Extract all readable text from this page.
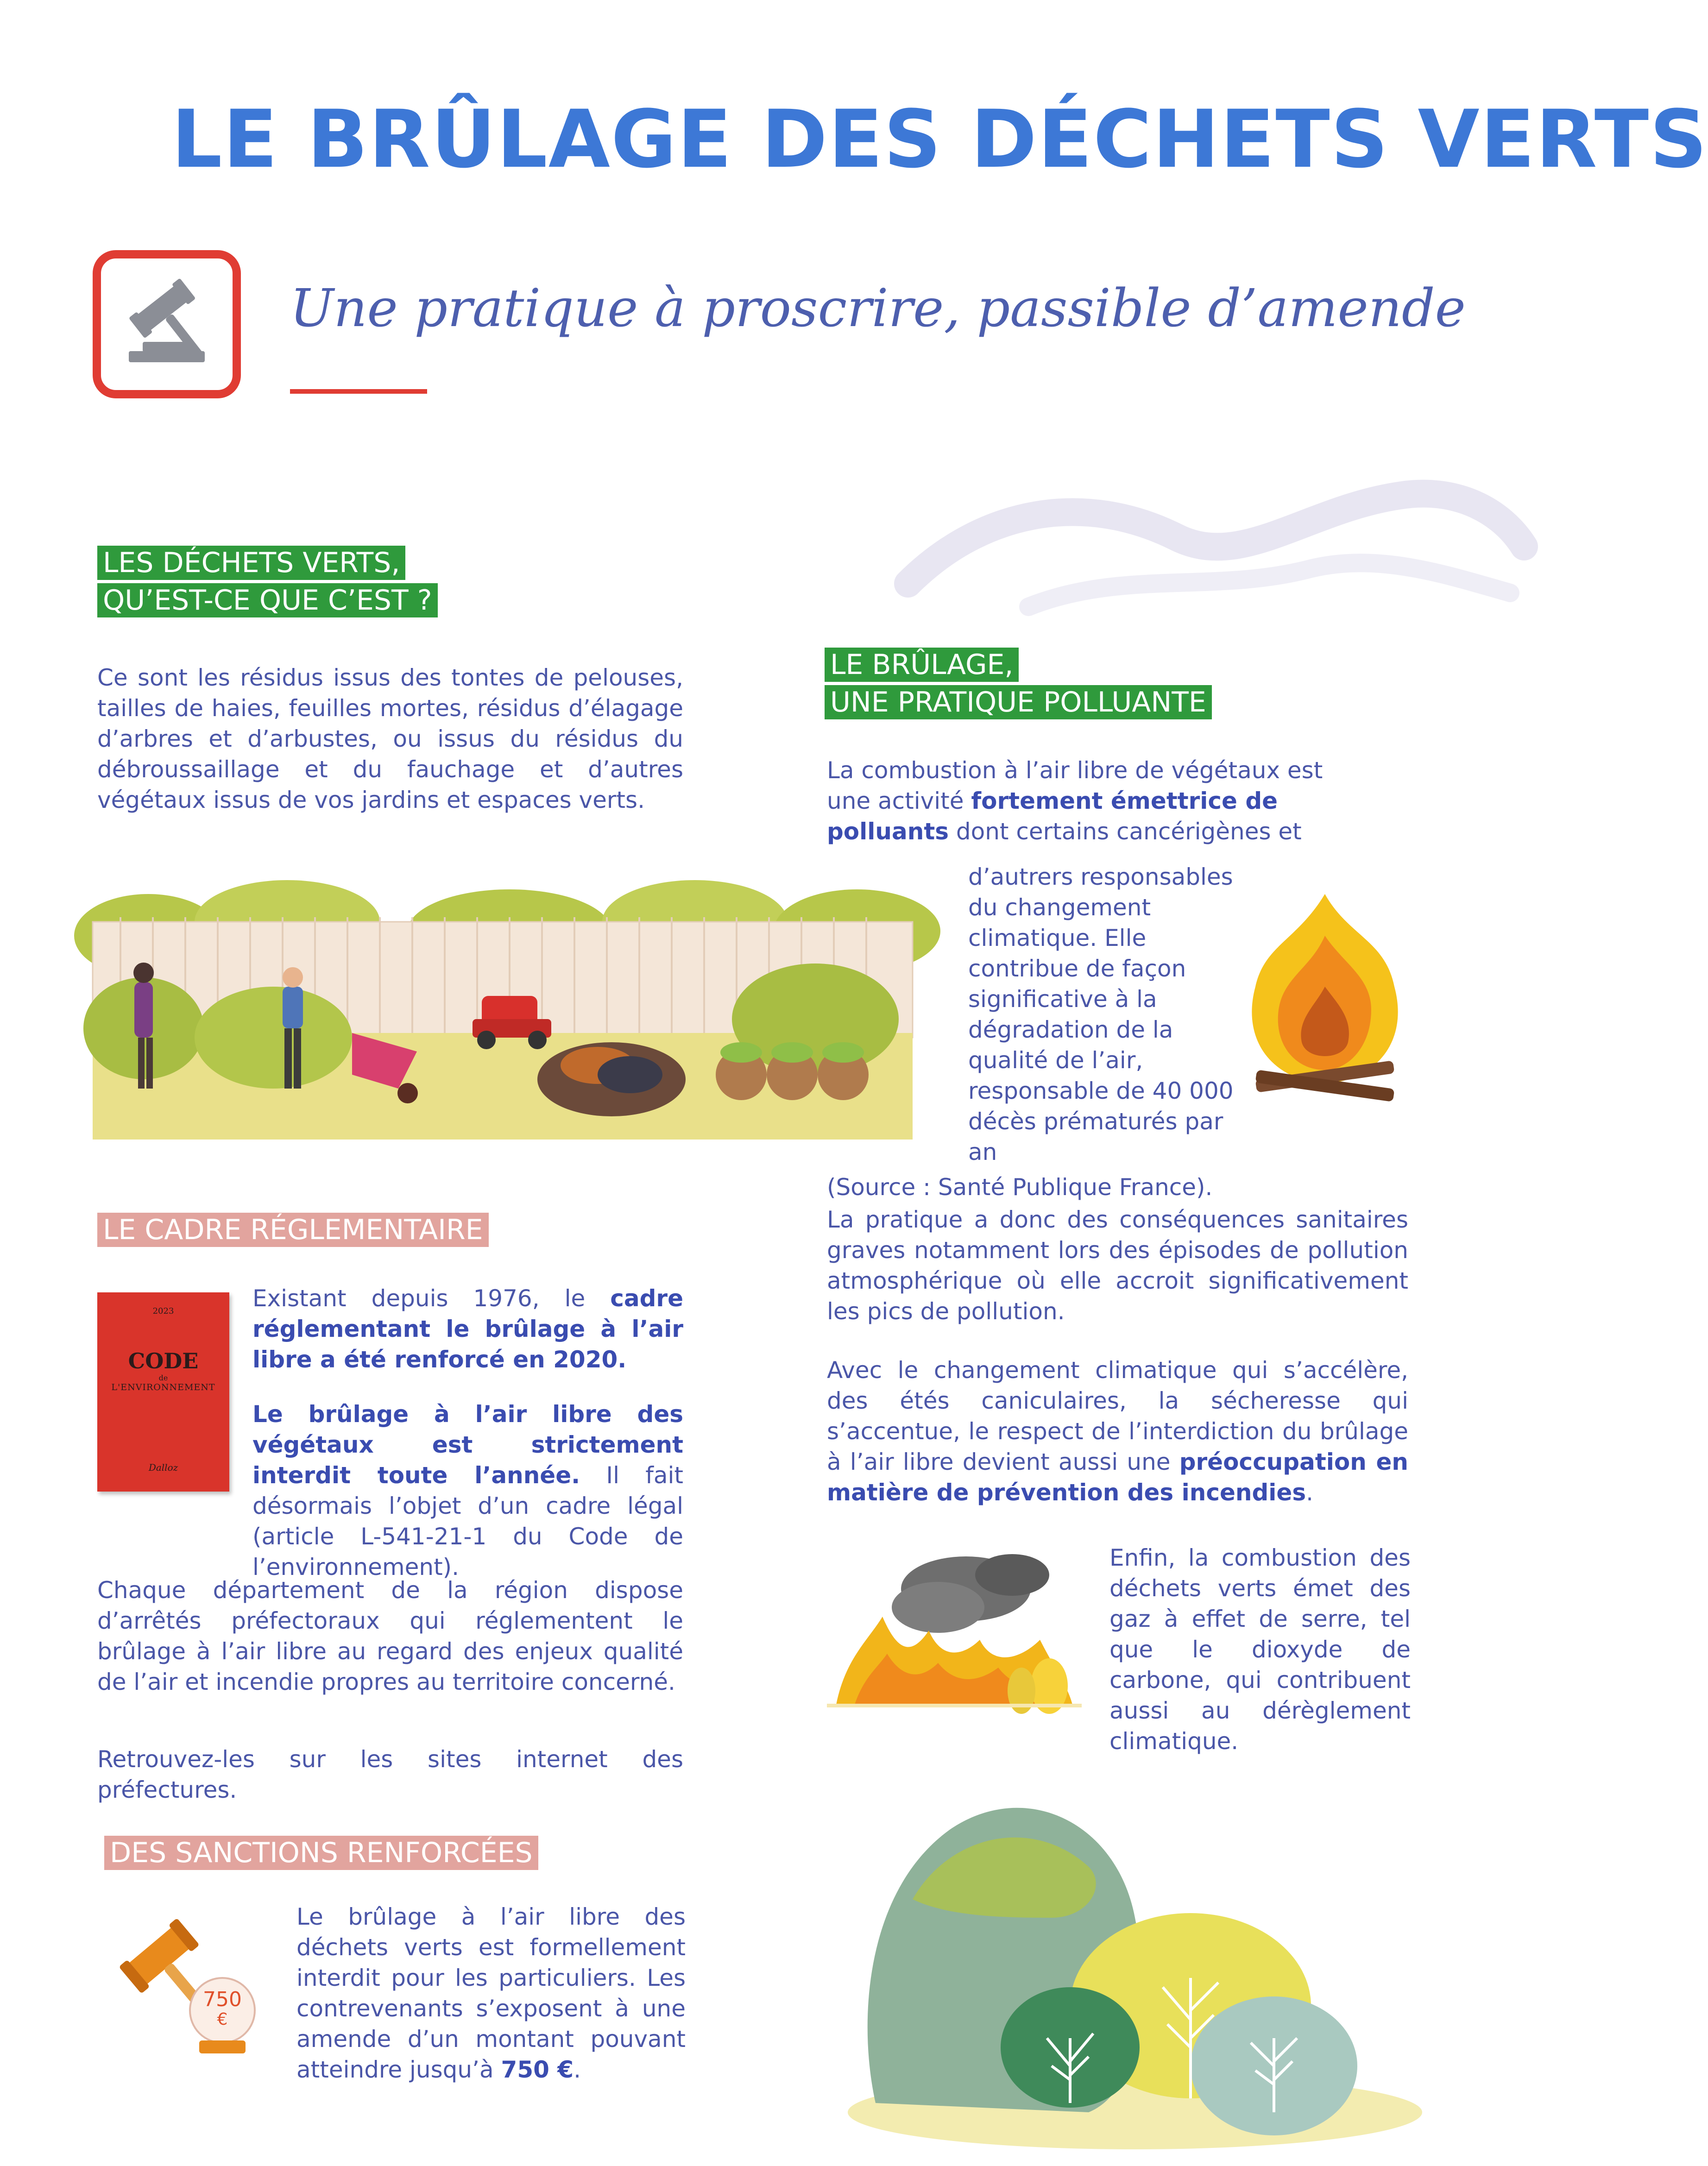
LE BRÛLAGE DES DÉCHETS VERTS
Une pratique à proscrire, passible d’amende
LES DÉCHETS VERTS,
QU’EST-CE QUE C’EST ?

Ce sont les résidus issus des tontes de pelouses, tailles de haies, feuilles mortes, résidus d’élagage d’arbres et d’arbustes, ou issus du résidus du débroussaillage et du fauchage et d’autres végétaux issus de vos jardins et espaces verts.

LE BRÛLAGE,
UNE PRATIQUE POLLUANTE

La combustion à l’air libre de végétaux est une activité fortement émettrice de polluants dont certains cancérigènes et

d’autrers responsables du changement climatique. Elle contribue de façon significative à la dégradation de la qualité de l’air, responsable de 40 000 décès prématurés par an

(Source : Santé Publique France).

La pratique a donc des conséquences sanitaires graves notamment lors des épisodes de pollution atmosphérique où elle accroit significativement les pics de pollution.

Avec le changement climatique qui s’accélère, des étés caniculaires, la sécheresse qui s’accentue, le respect de l’interdiction du brûlage à l’air libre devient aussi une préoccupation en matière de prévention des incendies.

Enfin, la combustion des déchets verts émet des gaz à effet de serre, tel que le dioxyde de carbone, qui contribuent aussi au dérèglement climatique.

LE CADRE RÉGLEMENTAIRE
2023
CODE
de
L'ENVIRONNEMENT
Dalloz

Existant depuis 1976, le cadre réglementant le brûlage à l’air libre a été renforcé en 2020.

Le brûlage à l’air libre des végétaux est strictement interdit toute l’année. Il fait désormais l’objet d’un cadre légal (article L-541-21-1 du Code de l’environnement).

Chaque département de la région dispose d’arrêtés préfectoraux qui réglementent le brûlage à l’air libre au regard des enjeux qualité de l’air et incendie propres au territoire concerné.

Retrouvez-les sur les sites internet des préfectures.

DES SANCTIONS RENFORCÉES
750
€

Le brûlage à l’air libre des déchets verts est formellement interdit pour les particuliers. Les contrevenants s’exposent à une amende d’un montant pouvant atteindre jusqu’à 750 €.
